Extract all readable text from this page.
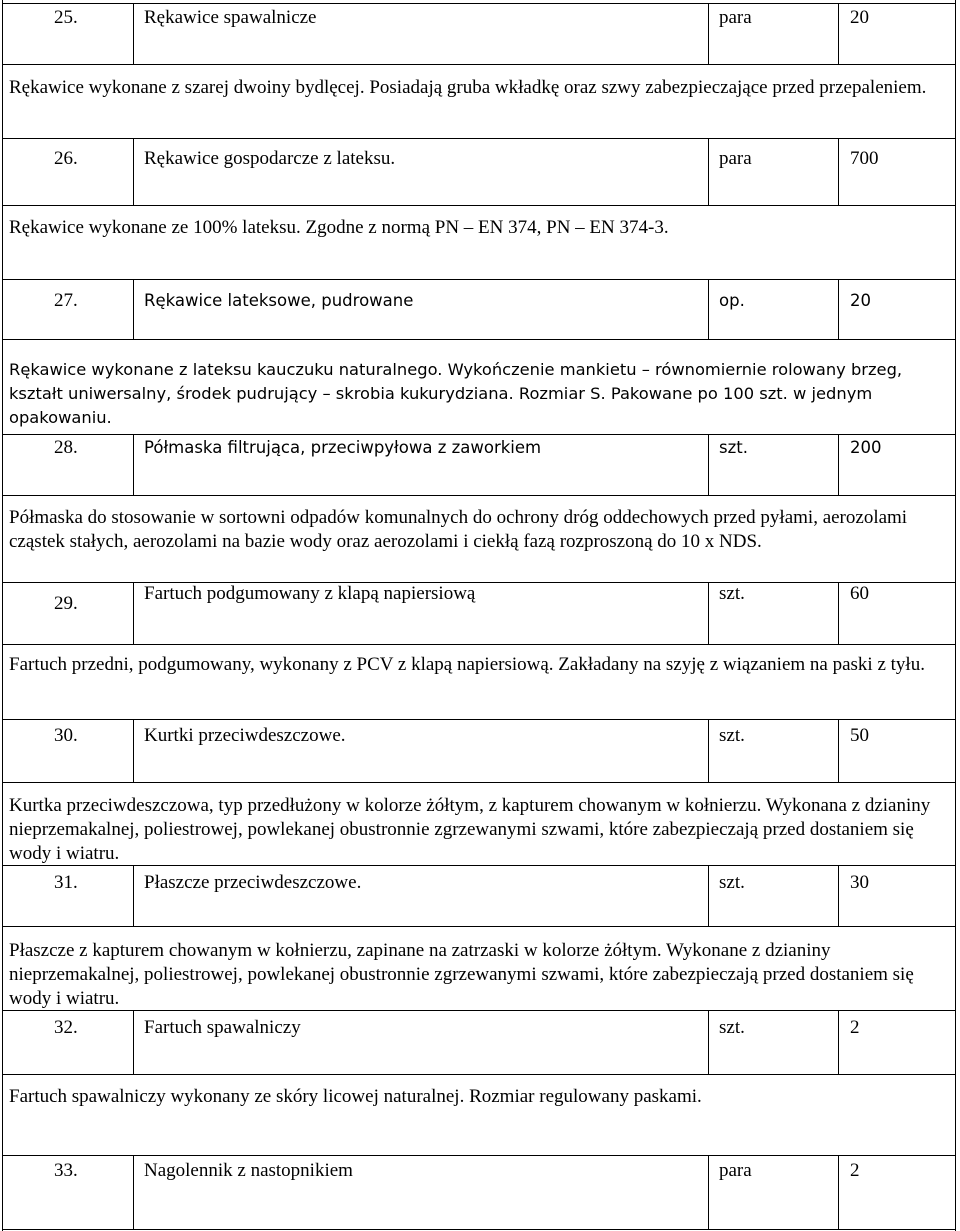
25.	Rękawice spawalnicze	para	20
Rękawice wykonane z szarej dwoiny bydlęcej. Posiadają gruba wkładkę oraz szwy zabezpieczające przed przepaleniem.
26.	Rękawice gospodarcze z lateksu.	para	700
Rękawice wykonane ze 100% lateksu. Zgodne z normą PN – EN 374, PN – EN 374-3.
27.	Rękawice lateksowe, pudrowane	op.	20
Rękawice wykonane z lateksu kauczuku naturalnego. Wykończenie mankietu – równomiernie rolowany brzeg, kształt uniwersalny, środek pudrujący – skrobia kukurydziana. Rozmiar S. Pakowane po 100 szt. w jednym opakowaniu.
28.	Półmaska filtrująca, przeciwpyłowa z zaworkiem	szt.	200
Półmaska do stosowanie w sortowni odpadów komunalnych do ochrony dróg oddechowych przed pyłami, aerozolami cząstek stałych, aerozolami na bazie wody oraz aerozolami i ciekłą fazą rozproszoną do 10 x NDS.
29.	Fartuch podgumowany z klapą napiersiową	szt.	60
Fartuch przedni, podgumowany, wykonany z PCV z klapą napiersiową. Zakładany na szyję z wiązaniem na paski z tyłu.
30.	Kurtki przeciwdeszczowe.	szt.	50
Kurtka przeciwdeszczowa, typ przedłużony w kolorze żółtym, z kapturem chowanym w kołnierzu. Wykonana z dzianiny nieprzemakalnej, poliestrowej, powlekanej obustronnie zgrzewanymi szwami, które zabezpieczają przed dostaniem się wody i wiatru.
31.	Płaszcze przeciwdeszczowe.	szt.	30
Płaszcze z kapturem chowanym w kołnierzu, zapinane na zatrzaski w kolorze żółtym. Wykonane z dzianiny nieprzemakalnej, poliestrowej, powlekanej obustronnie zgrzewanymi szwami, które zabezpieczają przed dostaniem się wody i wiatru.
32.	Fartuch spawalniczy	szt.	2
Fartuch spawalniczy wykonany ze skóry licowej naturalnej. Rozmiar regulowany paskami.
33.	Nagolennik z nastopnikiem	para	2
